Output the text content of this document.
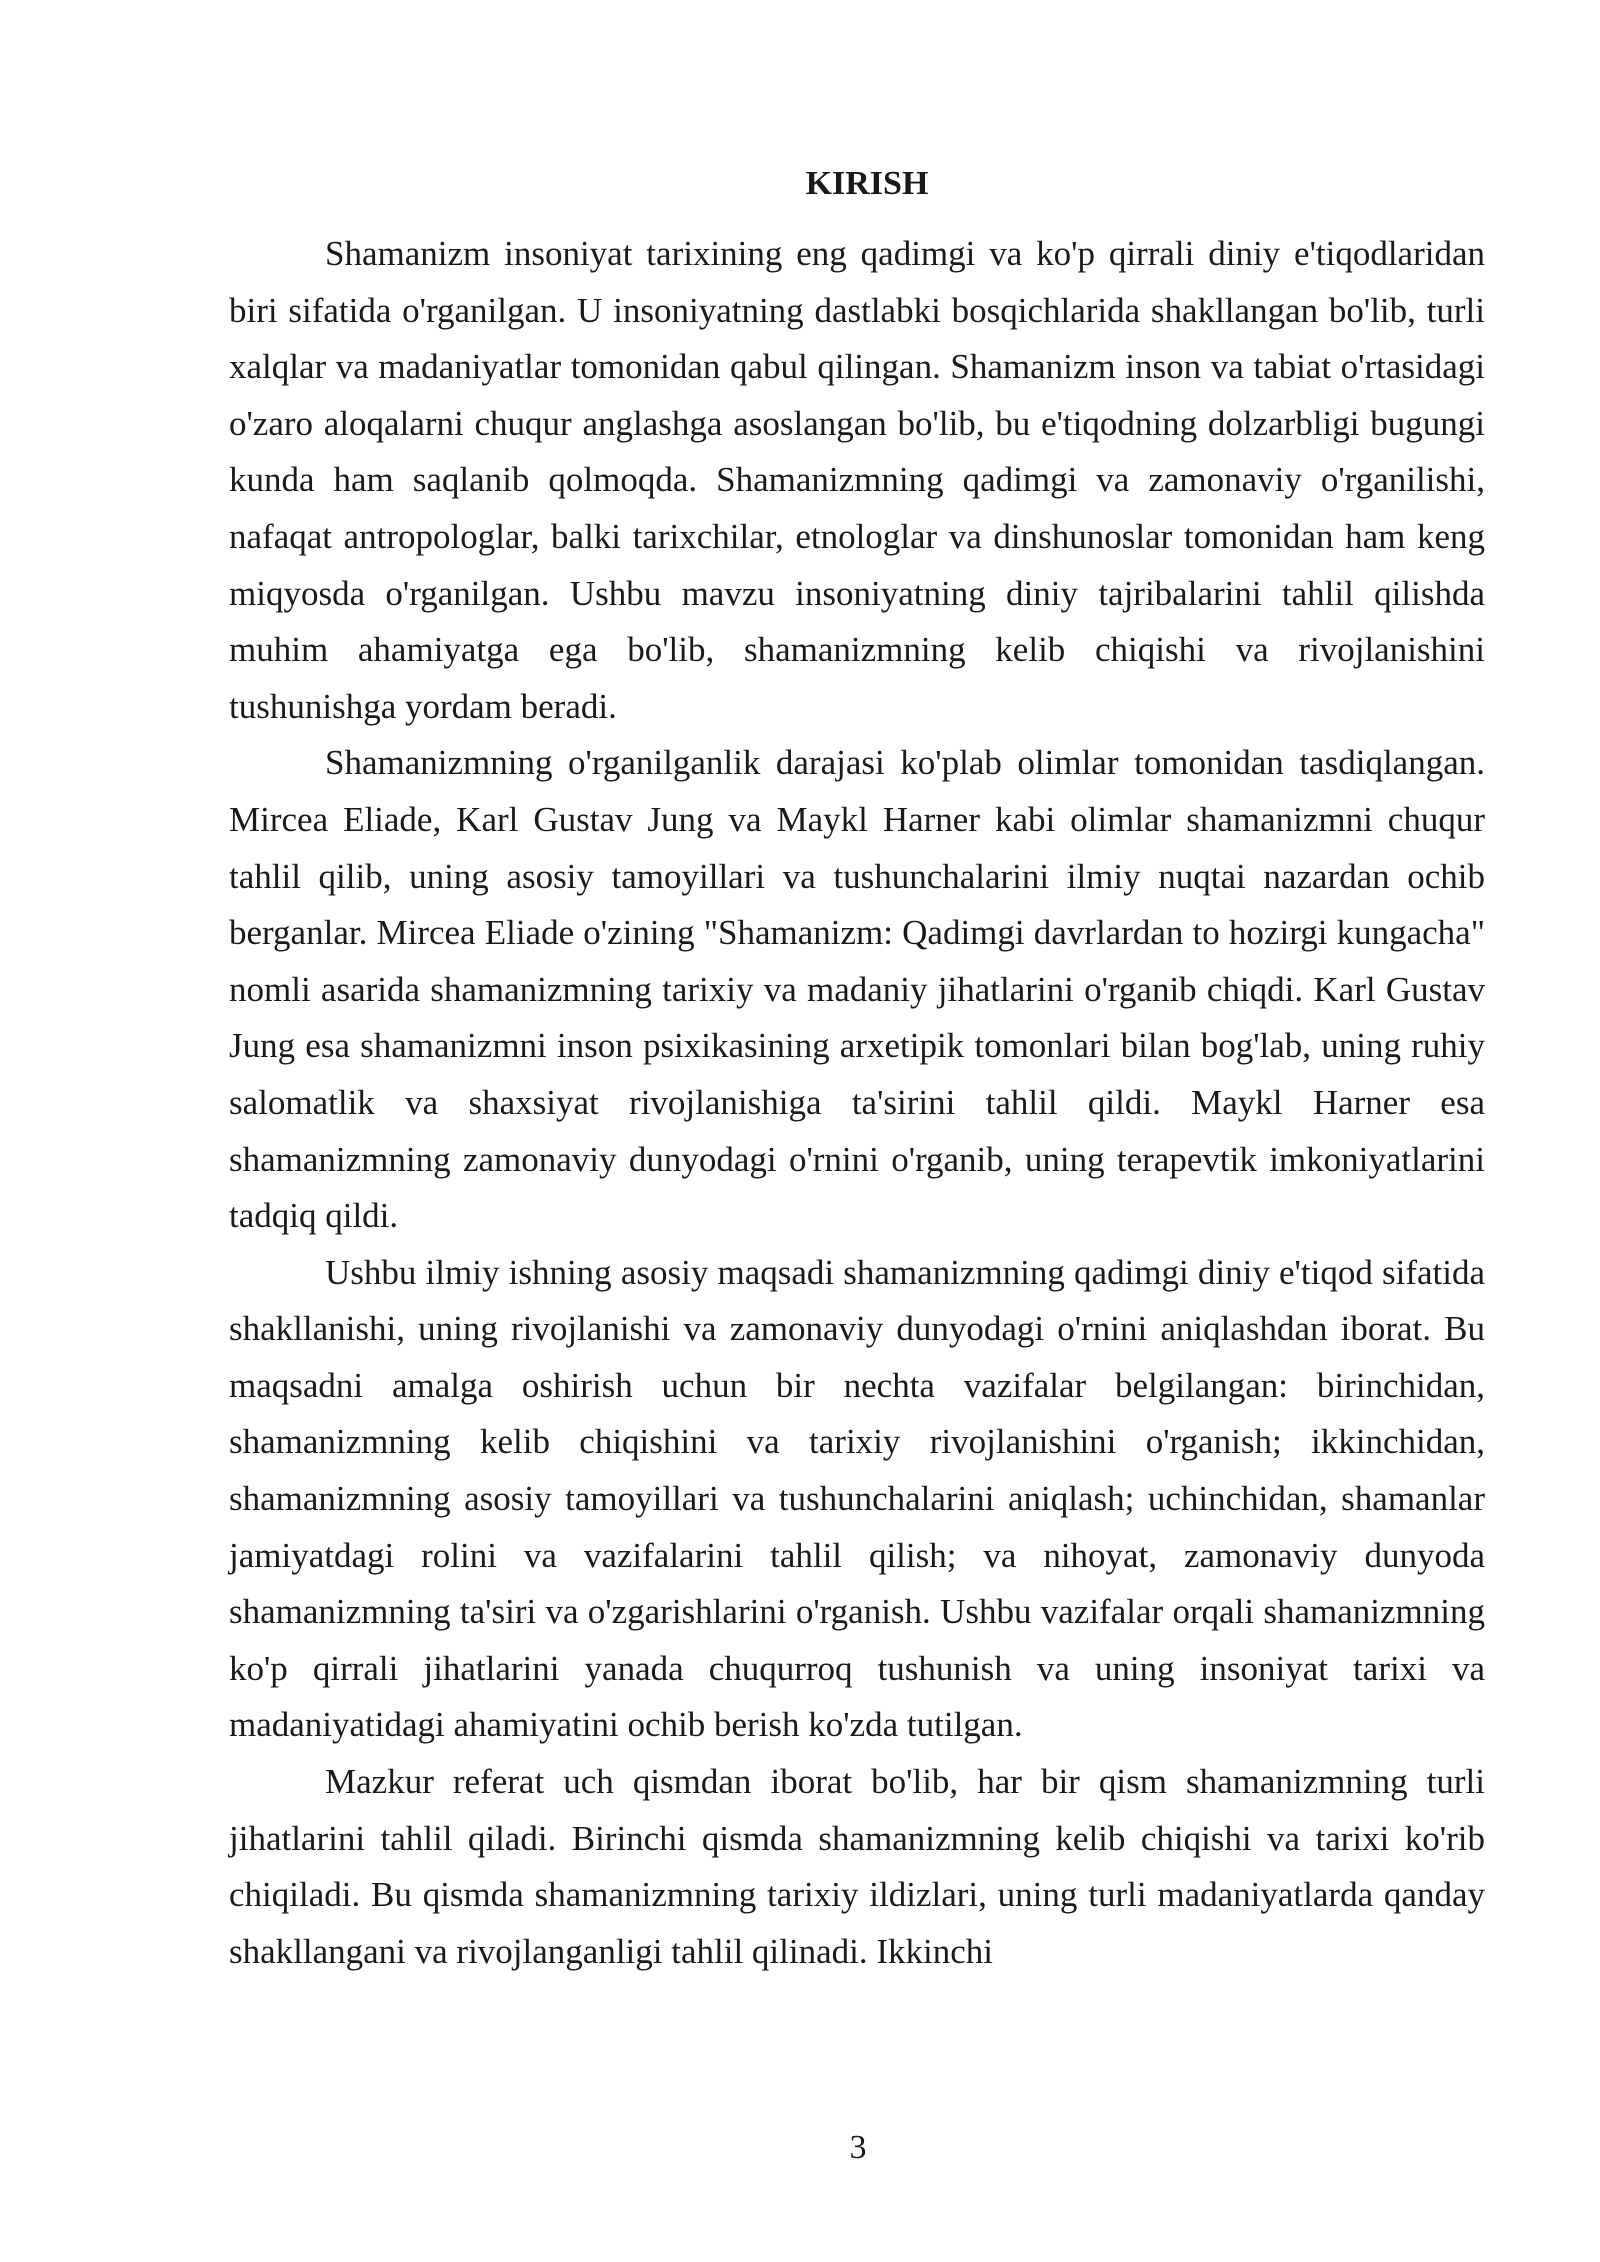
KIRISH

Shamanizm insoniyat tarixining eng qadimgi va ko'p qirrali diniy e'tiqodlaridan biri sifatida o'rganilgan. U insoniyatning dastlabki bosqichlarida shakllangan bo'lib, turli xalqlar va madaniyatlar tomonidan qabul qilingan. Shamanizm inson va tabiat o'rtasidagi o'zaro aloqalarni chuqur anglashga asoslangan bo'lib, bu e'tiqodning dolzarbligi bugungi kunda ham saqlanib qolmoqda. Shamanizmning qadimgi va zamonaviy o'rganilishi, nafaqat antropologlar, balki tarixchilar, etnologlar va dinshunoslar tomonidan ham keng miqyosda o'rganilgan. Ushbu mavzu insoniyatning diniy tajribalarini tahlil qilishda muhim ahamiyatga ega bo'lib, shamanizmning kelib chiqishi va rivojlanishini tushunishga yordam beradi.

Shamanizmning o'rganilganlik darajasi ko'plab olimlar tomonidan tasdiqlangan. Mircea Eliade, Karl Gustav Jung va Maykl Harner kabi olimlar shamanizmni chuqur tahlil qilib, uning asosiy tamoyillari va tushunchalarini ilmiy nuqtai nazardan ochib berganlar. Mircea Eliade o'zining "Shamanizm: Qadimgi davrlardan to hozirgi kungacha" nomli asarida shamanizmning tarixiy va madaniy jihatlarini o'rganib chiqdi. Karl Gustav Jung esa shamanizmni inson psixikasining arxetipik tomonlari bilan bog'lab, uning ruhiy salomatlik va shaxsiyat rivojlanishiga ta'sirini tahlil qildi. Maykl Harner esa shamanizmning zamonaviy dunyodagi o'rnini o'rganib, uning terapevtik imkoniyatlarini tadqiq qildi.

Ushbu ilmiy ishning asosiy maqsadi shamanizmning qadimgi diniy e'tiqod sifatida shakllanishi, uning rivojlanishi va zamonaviy dunyodagi o'rnini aniqlashdan iborat. Bu maqsadni amalga oshirish uchun bir nechta vazifalar belgilangan: birinchidan, shamanizmning kelib chiqishini va tarixiy rivojlanishini o'rganish; ikkinchidan, shamanizmning asosiy tamoyillari va tushunchalarini aniqlash; uchinchidan, shamanlar jamiyatdagi rolini va vazifalarini tahlil qilish; va nihoyat, zamonaviy dunyoda shamanizmning ta'siri va o'zgarishlarini o'rganish. Ushbu vazifalar orqali shamanizmning ko'p qirrali jihatlarini yanada chuqurroq tushunish va uning insoniyat tarixi va madaniyatidagi ahamiyatini ochib berish ko'zda tutilgan.

Mazkur referat uch qismdan iborat bo'lib, har bir qism shamanizmning turli jihatlarini tahlil qiladi. Birinchi qismda shamanizmning kelib chiqishi va tarixi ko'rib chiqiladi. Bu qismda shamanizmning tarixiy ildizlari, uning turli madaniyatlarda qanday shakllangani va rivojlanganligi tahlil qilinadi. Ikkinchi

3
